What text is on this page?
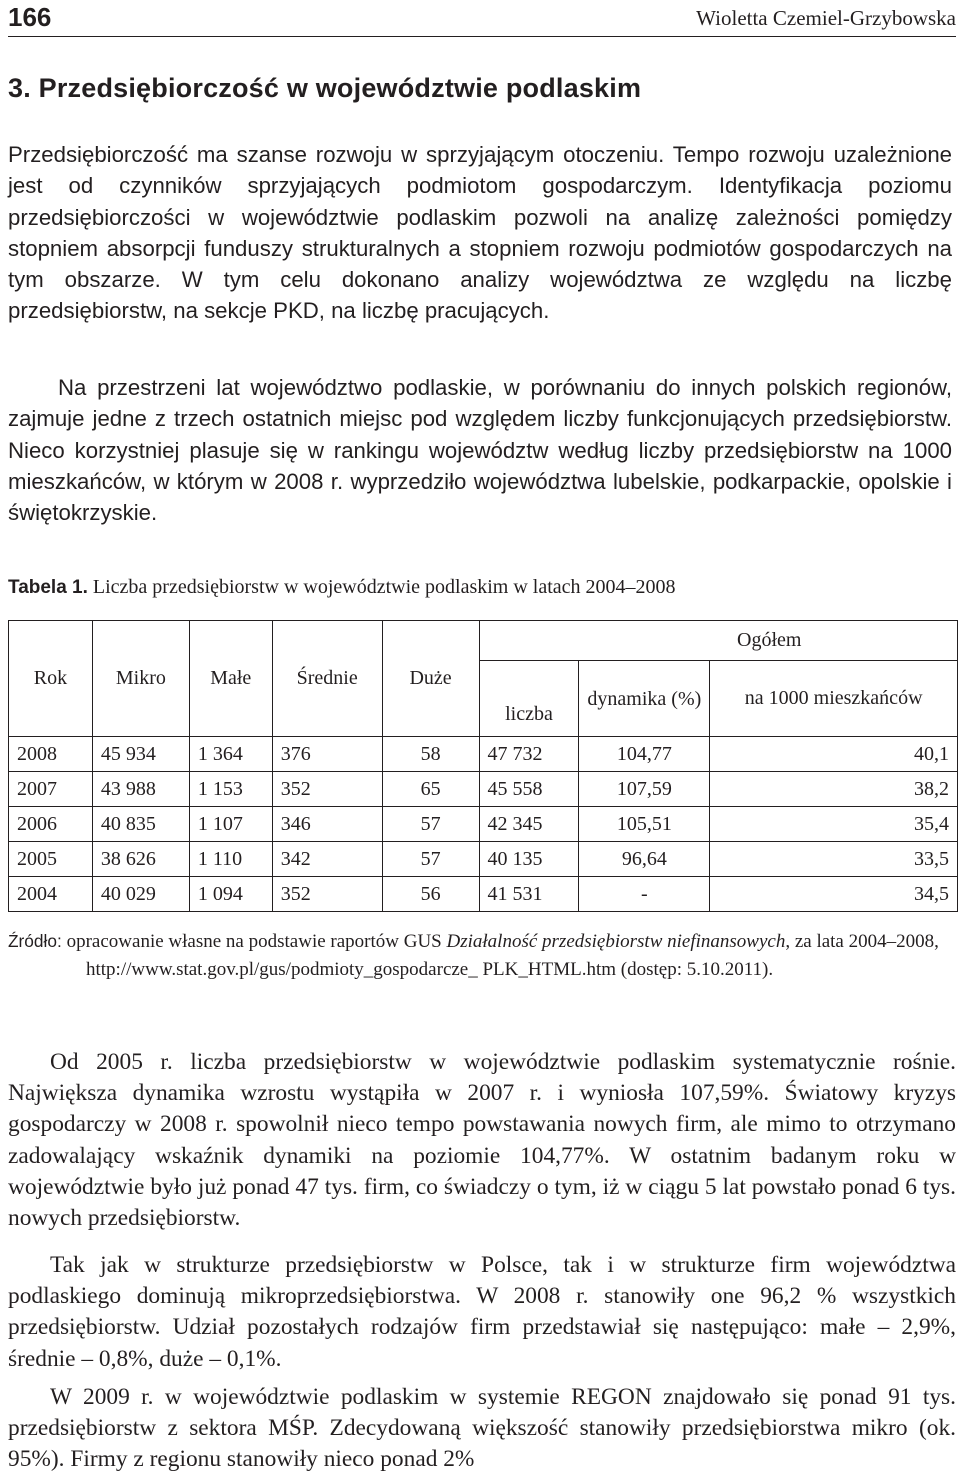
166	Wioletta Czemiel-Grzybowska
3. Przedsiębiorczość w województwie podlaskim

Przedsiębiorczość ma szanse rozwoju w sprzyjającym otoczeniu. Tempo rozwoju uzależnione jest od czynników sprzyjających podmiotom gospodarczym. Identyfikacja poziomu przedsiębiorczości w województwie podlaskim pozwoli na analizę zależności pomiędzy stopniem absorpcji funduszy strukturalnych a stopniem rozwoju podmiotów gospodarczych na tym obszarze. W tym celu dokonano analizy województwa ze względu na liczbę przedsiębiorstw, na sekcje PKD, na liczbę pracujących.

Na przestrzeni lat województwo podlaskie, w porównaniu do innych polskich regionów, zajmuje jedne z trzech ostatnich miejsc pod względem liczby funkcjonujących przedsiębiorstw. Nieco korzystniej plasuje się w rankingu województw według liczby przedsiębiorstw na 1000 mieszkańców, w którym w 2008 r. wyprzedziło województwa lubelskie, podkarpackie, opolskie i świętokrzyskie.

Tabela 1. Liczba przedsiębiorstw w województwie podlaskim w latach 2004–2008
Rok	Mikro	Małe	Średnie	Duże	Ogółem		
					liczba	dynamika (%)	na 1000 mieszkańców
2008	45 934	1 364	376	58	47 732	104,77	40,1
2007	43 988	1 153	352	65	45 558	107,59	38,2
2006	40 835	1 107	346	57	42 345	105,51	35,4
2005	38 626	1 110	342	57	40 135	96,64	33,5
2004	40 029	1 094	352	56	41 531	-	34,5

Źródło: opracowanie własne na podstawie raportów GUS Działalność przedsiębiorstw niefinansowych, za lata 2004–2008, http://www.stat.gov.pl/gus/podmioty_gospodarcze_ PLK_HTML.htm (dostęp: 5.10.2011).

Od 2005 r. liczba przedsiębiorstw w województwie podlaskim systematycznie rośnie. Największa dynamika wzrostu wystąpiła w 2007 r. i wyniosła 107,59%. Światowy kryzys gospodarczy w 2008 r. spowolnił nieco tempo powstawania nowych firm, ale mimo to otrzymano zadowalający wskaźnik dynamiki na poziomie 104,77%. W ostatnim badanym roku w województwie było już ponad 47 tys. firm, co świadczy o tym, iż w ciągu 5 lat powstało ponad 6 tys. nowych przedsiębiorstw.

Tak jak w strukturze przedsiębiorstw w Polsce, tak i w strukturze firm województwa podlaskiego dominują mikroprzedsiębiorstwa. W 2008 r. stanowiły one 96,2 % wszystkich przedsiębiorstw. Udział pozostałych rodzajów firm przedstawiał się następująco: małe – 2,9%, średnie – 0,8%, duże – 0,1%.

W 2009 r. w województwie podlaskim w systemie REGON znajdowało się ponad 91 tys. przedsiębiorstw z sektora MŚP. Zdecydowaną większość stanowiły przedsiębiorstwa mikro (ok. 95%). Firmy z regionu stanowiły nieco ponad 2%
